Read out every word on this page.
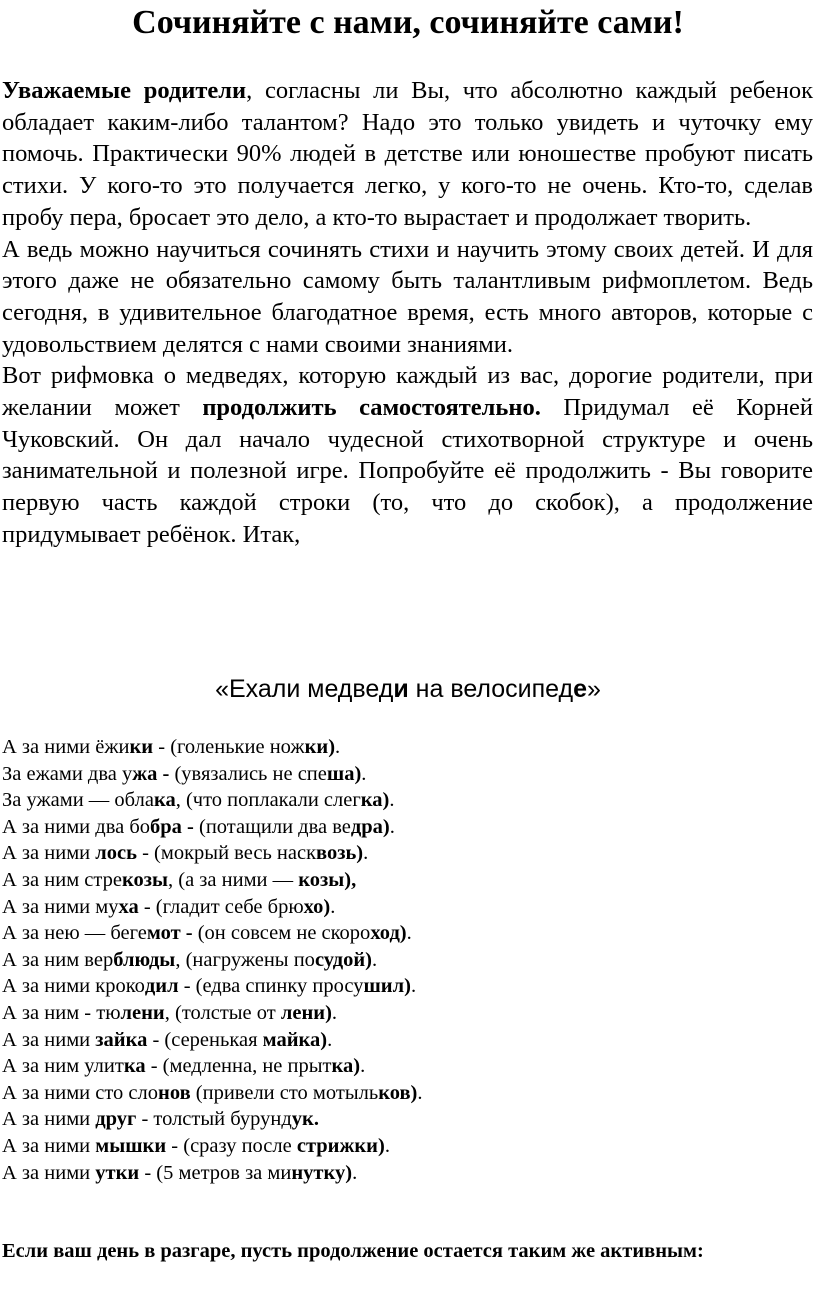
Сочиняйте с нами, сочиняйте сами!

Уважаемые родители, согласны ли Вы, что абсолютно каждый ребенок обладает каким-либо талантом? Надо это только увидеть и чуточку ему помочь. Практически 90% людей в детстве или юношестве пробуют писать стихи. У кого-то это получается легко, у кого-то не очень. Кто-то, сделав пробу пера, бросает это дело, а кто-то вырастает и продолжает творить.

А ведь можно научиться сочинять стихи и научить этому своих детей. И для этого даже не обязательно самому быть талантливым рифмоплетом. Ведь сегодня, в удивительное благодатное время, есть много авторов, которые с удовольствием делятся с нами своими знаниями.

Вот рифмовка о медведях, которую каждый из вас, дорогие родители, при желании может продолжить самостоятельно. Придумал её Корней Чуковский. Он дал начало чудесной стихотворной структуре и очень занимательной и полезной игре. Попробуйте её продолжить - Вы говорите первую часть каждой строки (то, что до скобок), а продолжение придумывает ребёнок. Итак,

«Ехали медведи на велосипеде»
А за ними ёжики - (голенькие ножки).
За ежами два ужа - (увязались не спеша).
За ужами — облака, (что поплакали слегка).
А за ними два бобра - (потащили два ведра).
А за ними лось - (мокрый весь насквозь).
А за ним стрекозы, (а за ними — козы),
А за ними муха - (гладит себе брюхо).
А за нею — бегемот - (он совсем не скороход).
А за ним верблюды, (нагружены посудой).
А за ними крокодил - (едва спинку просушил).
А за ним - тюлени, (толстые от лени).
А за ними зайка - (серенькая майка).
А за ним улитка - (медленна, не прытка).
А за ними сто слонов (привели сто мотыльков).
А за ними друг - толстый бурундук.
А за ними мышки - (сразу после стрижки).
А за ними утки - (5 метров за минутку).

Если ваш день в разгаре, пусть продолжение остается таким же активным:
